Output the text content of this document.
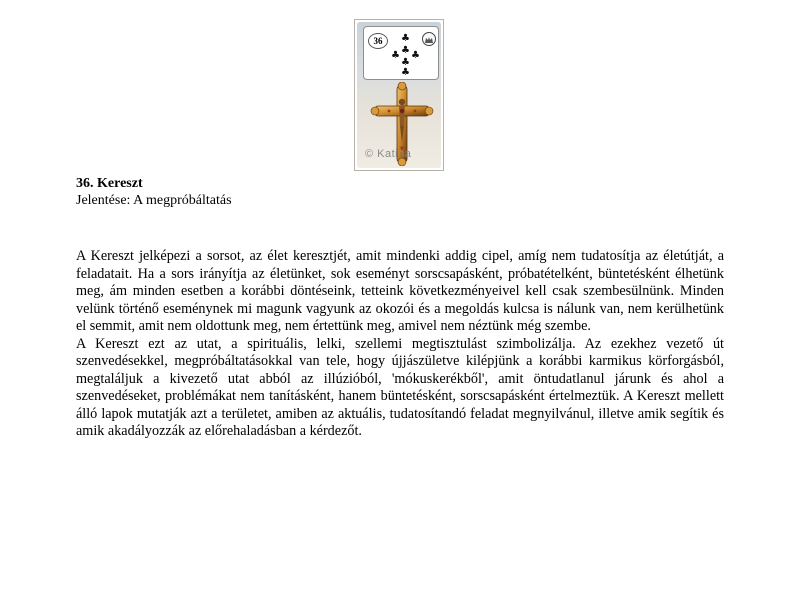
36	♣
♣
♣
♣
♣ ♣
© Katina
36. Kereszt

Jelentése: A megpróbáltatás

A Kereszt jelképezi a sorsot, az élet keresztjét, amit mindenki addig cipel, amíg nem tudatosítja az életútját, a feladatait. Ha a sors irányítja az életünket, sok eseményt sorscsapásként, próbatételként, büntetésként élhetünk meg, ám minden esetben a korábbi döntéseink, tetteink következményeivel kell csak szembesülnünk. Minden velünk történő eseménynek mi magunk vagyunk az okozói és a megoldás kulcsa is nálunk van, nem kerülhetünk el semmit, amit nem oldottunk meg, nem értettünk meg, amivel nem néztünk még szembe.

A Kereszt ezt az utat, a spirituális, lelki, szellemi megtisztulást szimbolizálja. Az ezekhez vezető út szenvedésekkel, megpróbáltatásokkal van tele, hogy újjászületve kilépjünk a korábbi karmikus körforgásból, megtaláljuk a kivezető utat abból az illúzióból, 'mókuskerékből', amit öntudatlanul járunk és ahol a szenvedéseket, problémákat nem tanításként, hanem büntetésként, sorscsapásként értelmeztük. A Kereszt mellett álló lapok mutatják azt a területet, amiben az aktuális, tudatosítandó feladat megnyilvánul, illetve amik segítik és amik akadályozzák az előrehaladásban a kérdezőt.
